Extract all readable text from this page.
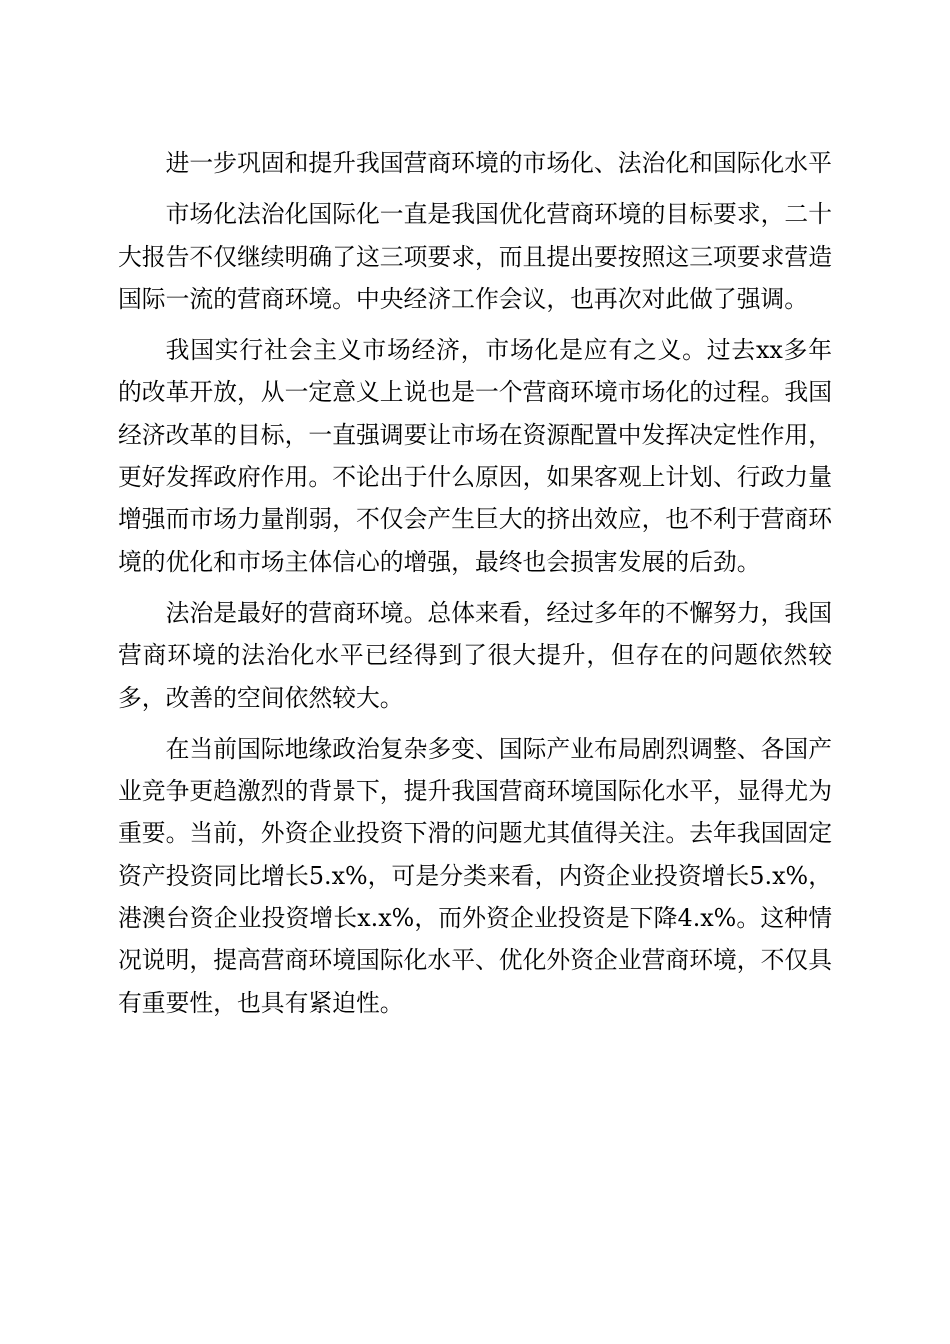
进一步巩固和提升我国营商环境的市场化、法治化和国际化水平

市场化法治化国际化一直是我国优化营商环境的目标要求，二十大报告不仅继续明确了这三项要求，而且提出要按照这三项要求营造国际一流的营商环境。中央经济工作会议，也再次对此做了强调。

我国实行社会主义市场经济，市场化是应有之义。过去xx多年的改革开放，从一定意义上说也是一个营商环境市场化的过程。我国经济改革的目标，一直强调要让市场在资源配置中发挥决定性作用，更好发挥政府作用。不论出于什么原因，如果客观上计划、行政力量增强而市场力量削弱，不仅会产生巨大的挤出效应，也不利于营商环境的优化和市场主体信心的增强，最终也会损害发展的后劲。

法治是最好的营商环境。总体来看，经过多年的不懈努力，我国营商环境的法治化水平已经得到了很大提升，但存在的问题依然较多，改善的空间依然较大。

在当前国际地缘政治复杂多变、国际产业布局剧烈调整、各国产业竞争更趋激烈的背景下，提升我国营商环境国际化水平，显得尤为重要。当前，外资企业投资下滑的问题尤其值得关注。去年我国固定资产投资同比增长5.x%，可是分类来看，内资企业投资增长5.x%，港澳台资企业投资增长x.x%，而外资企业投资是下降4.x%。这种情况说明，提高营商环境国际化水平、优化外资企业营商环境，不仅具有重要性，也具有紧迫性。
